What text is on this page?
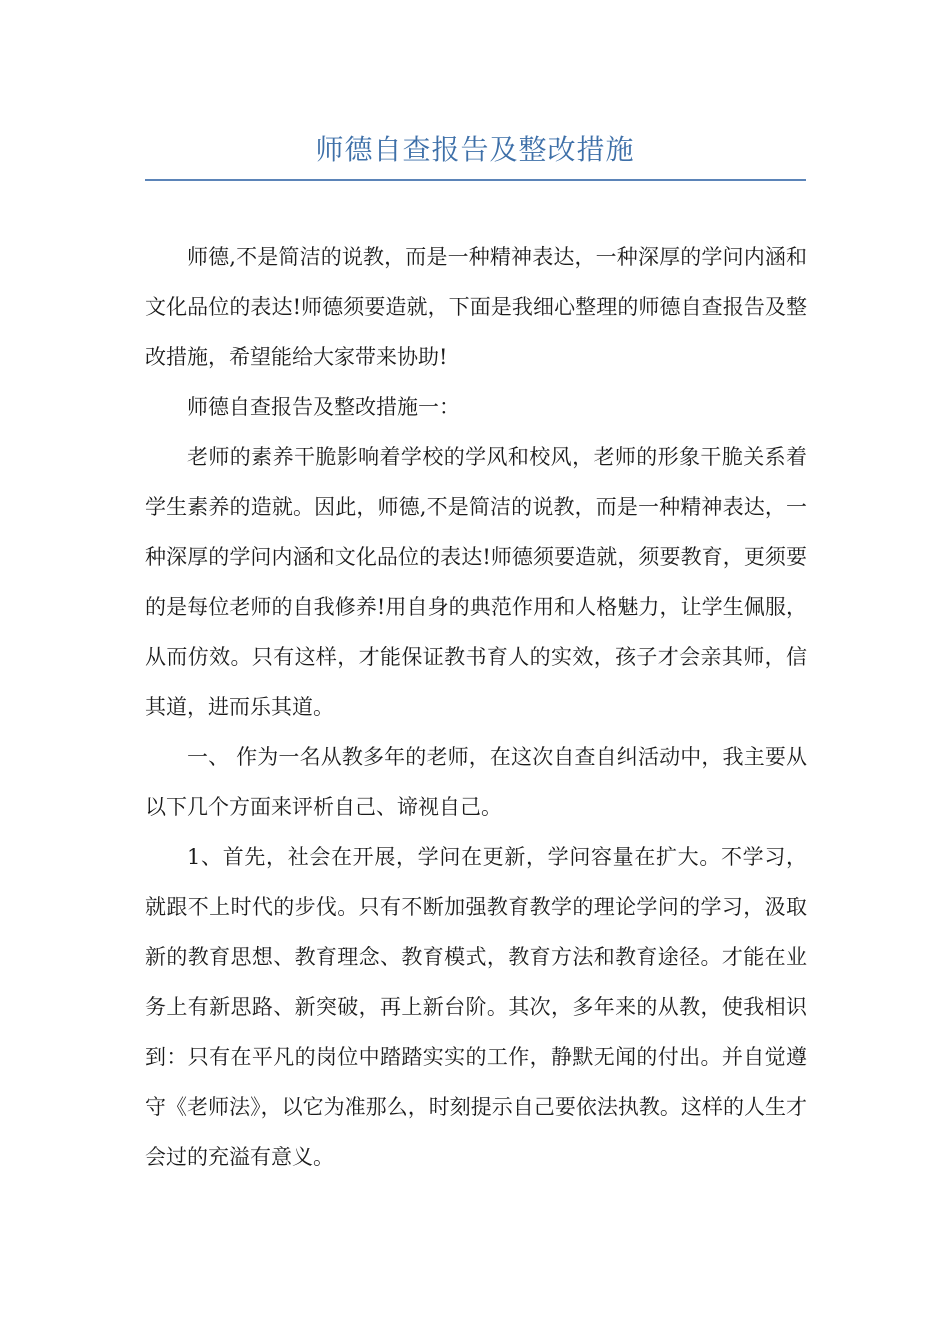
师德自查报告及整改措施

师德,不是简洁的说教，而是一种精神表达，一种深厚的学问内涵和文化品位的表达!师德须要造就，下面是我细心整理的师德自查报告及整改措施，希望能给大家带来协助!

师德自查报告及整改措施一：

老师的素养干脆影响着学校的学风和校风，老师的形象干脆关系着学生素养的造就。因此，师德,不是简洁的说教，而是一种精神表达，一种深厚的学问内涵和文化品位的表达!师德须要造就，须要教育，更须要的是每位老师的自我修养!用自身的典范作用和人格魅力，让学生佩服，从而仿效。只有这样，才能保证教书育人的实效，孩子才会亲其师，信其道，进而乐其道。

一、 作为一名从教多年的老师，在这次自查自纠活动中，我主要从以下几个方面来评析自己、谛视自己。

1、首先，社会在开展，学问在更新，学问容量在扩大。不学习，就跟不上时代的步伐。只有不断加强教育教学的理论学问的学习，汲取新的教育思想、教育理念、教育模式，教育方法和教育途径。才能在业务上有新思路、新突破，再上新台阶。其次，多年来的从教，使我相识到：只有在平凡的岗位中踏踏实实的工作，静默无闻的付出。并自觉遵守《老师法》，以它为准那么，时刻提示自己要依法执教。这样的人生才会过的充溢有意义。
